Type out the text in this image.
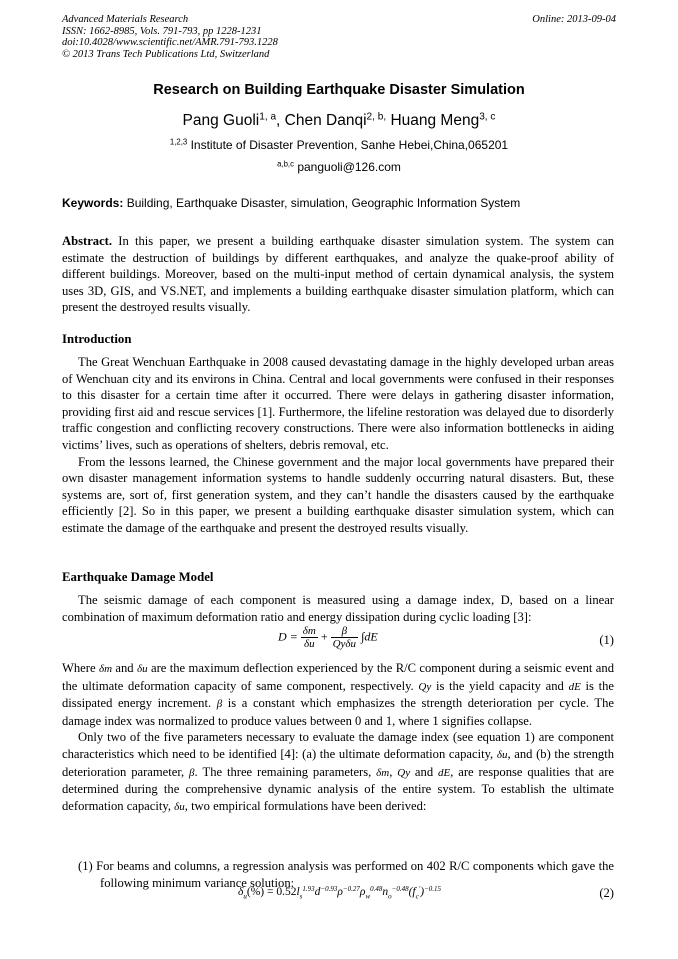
Advanced Materials Research
ISSN: 1662-8985, Vols. 791-793, pp 1228-1231
doi:10.4028/www.scientific.net/AMR.791-793.1228
© 2013 Trans Tech Publications Ltd, Switzerland
Online: 2013-09-04
Research on Building Earthquake Disaster Simulation
Pang Guoli$^{1, a}$, Chen Danqi$^{2, b,}$ Huang Meng$^{3, c}$
$^{1,2,3}$ Institute of Disaster Prevention, Sanhe Hebei,China,065201
$^{a,b,c}$ panguoli@126.com
Keywords: Building, Earthquake Disaster, simulation, Geographic Information System

Abstract. In this paper, we present a building earthquake disaster simulation system. The system can estimate the destruction of buildings by different earthquakes, and analyze the quake-proof ability of different buildings. Moreover, based on the multi-input method of certain dynamical analysis, the system uses 3D, GIS, and VS.NET, and implements a building earthquake disaster simulation platform, which can present the destroyed results visually.

Introduction

The Great Wenchuan Earthquake in 2008 caused devastating damage in the highly developed urban areas of Wenchuan city and its environs in China. Central and local governments were confused in their responses to this disaster for a certain time after it occurred. There were delays in gathering disaster information, providing first aid and rescue services [1]. Furthermore, the lifeline restoration was delayed due to disorderly traffic congestion and conflicting recovery constructions. There were also information bottlenecks in aiding victims’ lives, such as operations of shelters, debris removal, etc.

From the lessons learned, the Chinese government and the major local governments have prepared their own disaster management information systems to handle suddenly occurring natural disasters. But, these systems are, sort of, first generation system, and they can’t handle the disasters caused by the earthquake efficiently [2]. So in this paper, we present a building earthquake disaster simulation system, which can estimate the damage of the earthquake and present the destroyed results visually.

Earthquake Damage Model

The seismic damage of each component is measured using a damage index, D, based on a linear combination of maximum deformation ratio and energy dissipation during cyclic loading [3]:

$D = \frac{\delta m}{\delta u} + \frac{\beta}{\text{Qyδu}} \int dE$	(1)

Where δm and δu are the maximum deflection experienced by the R/C component during a seismic event and the ultimate deformation capacity of same component, respectively. Qy is the yield capacity and dE is the dissipated energy increment. β is a constant which emphasizes the strength deterioration per cycle. The damage index was normalized to produce values between 0 and 1, where 1 signifies collapse.

Only two of the five parameters necessary to evaluate the damage index (see equation 1) are component characteristics which need to be identified [4]: (a) the ultimate deformation capacity, δu, and (b) the strength deterioration parameter, β. The three remaining parameters, δm, Qy and dE, are response qualities that are determined during the comprehensive dynamic analysis of the entire system. To establish the ultimate deformation capacity, δu, two empirical formulations have been derived:

(1) For beams and columns, a regression analysis was performed on 402 R/C components which gave the following minimum variance solution:

$\delta_u(\%) = 0.52l_s^{1.93}d^{-0.93}\rho^{-0.27}\rho_w^{0.48}n_o^{-0.48}(f_c')^{-0.15}$	(2)
